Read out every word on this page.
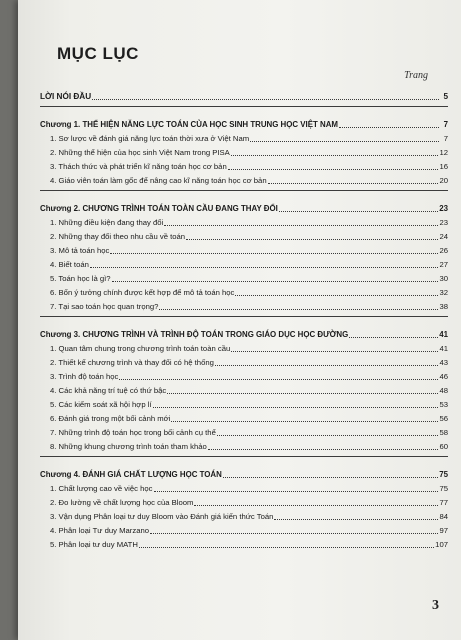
MỤC LỤC
Trang
LỜI NÓI ĐẦU	5
Chương 1. THỂ HIỆN NĂNG LỰC TOÁN CỦA HỌC SINH TRUNG HỌC VIỆT NAM	7
1. Sơ lược về đánh giá năng lực toán thời xưa ở Việt Nam	7
2. Những thể hiện của học sinh Việt Nam trong PISA	12
3. Thách thức và phát triển kĩ năng toán học cơ bản	16
4. Giáo viên toán làm gốc để nâng cao kĩ năng toán học cơ bản	20
Chương 2. CHƯƠNG TRÌNH TOÁN TOÀN CẦU ĐANG THAY ĐỔI	23
1. Những điều kiện đang thay đổi	23
2. Những thay đổi theo nhu cầu về toán	24
3. Mô tả toán học	26
4. Biết toán	27
5. Toán học là gì?	30
6. Bốn ý tưởng chính được kết hợp để mô tả toán học	32
7. Tại sao toán học quan trọng?	38
Chương 3. CHƯƠNG TRÌNH VÀ TRÌNH ĐỘ TOÁN TRONG GIÁO DỤC HỌC ĐƯỜNG	41
1. Quan tâm chung trong chương trình toán toàn cầu	41
2. Thiết kế chương trình và thay đổi có hệ thống	43
3. Trình độ toán học	46
4. Các khả năng trí tuệ có thứ bậc	48
5. Các kiểm soát xã hội hợp lí	53
6. Đánh giá trong một bối cảnh mới	56
7. Những trình độ toán học trong bối cảnh cụ thể	58
8. Những khung chương trình toán tham khảo	60
Chương 4. ĐÁNH GIÁ CHẤT LƯỢNG HỌC TOÁN	75
1. Chất lượng cao về việc học	75
2. Đo lường về chất lượng học của Bloom	77
3. Vận dụng Phân loại tư duy Bloom vào Đánh giá kiến thức Toán	84
4. Phân loại Tư duy Marzano	97
5. Phân loại tư duy MATH	107
3
